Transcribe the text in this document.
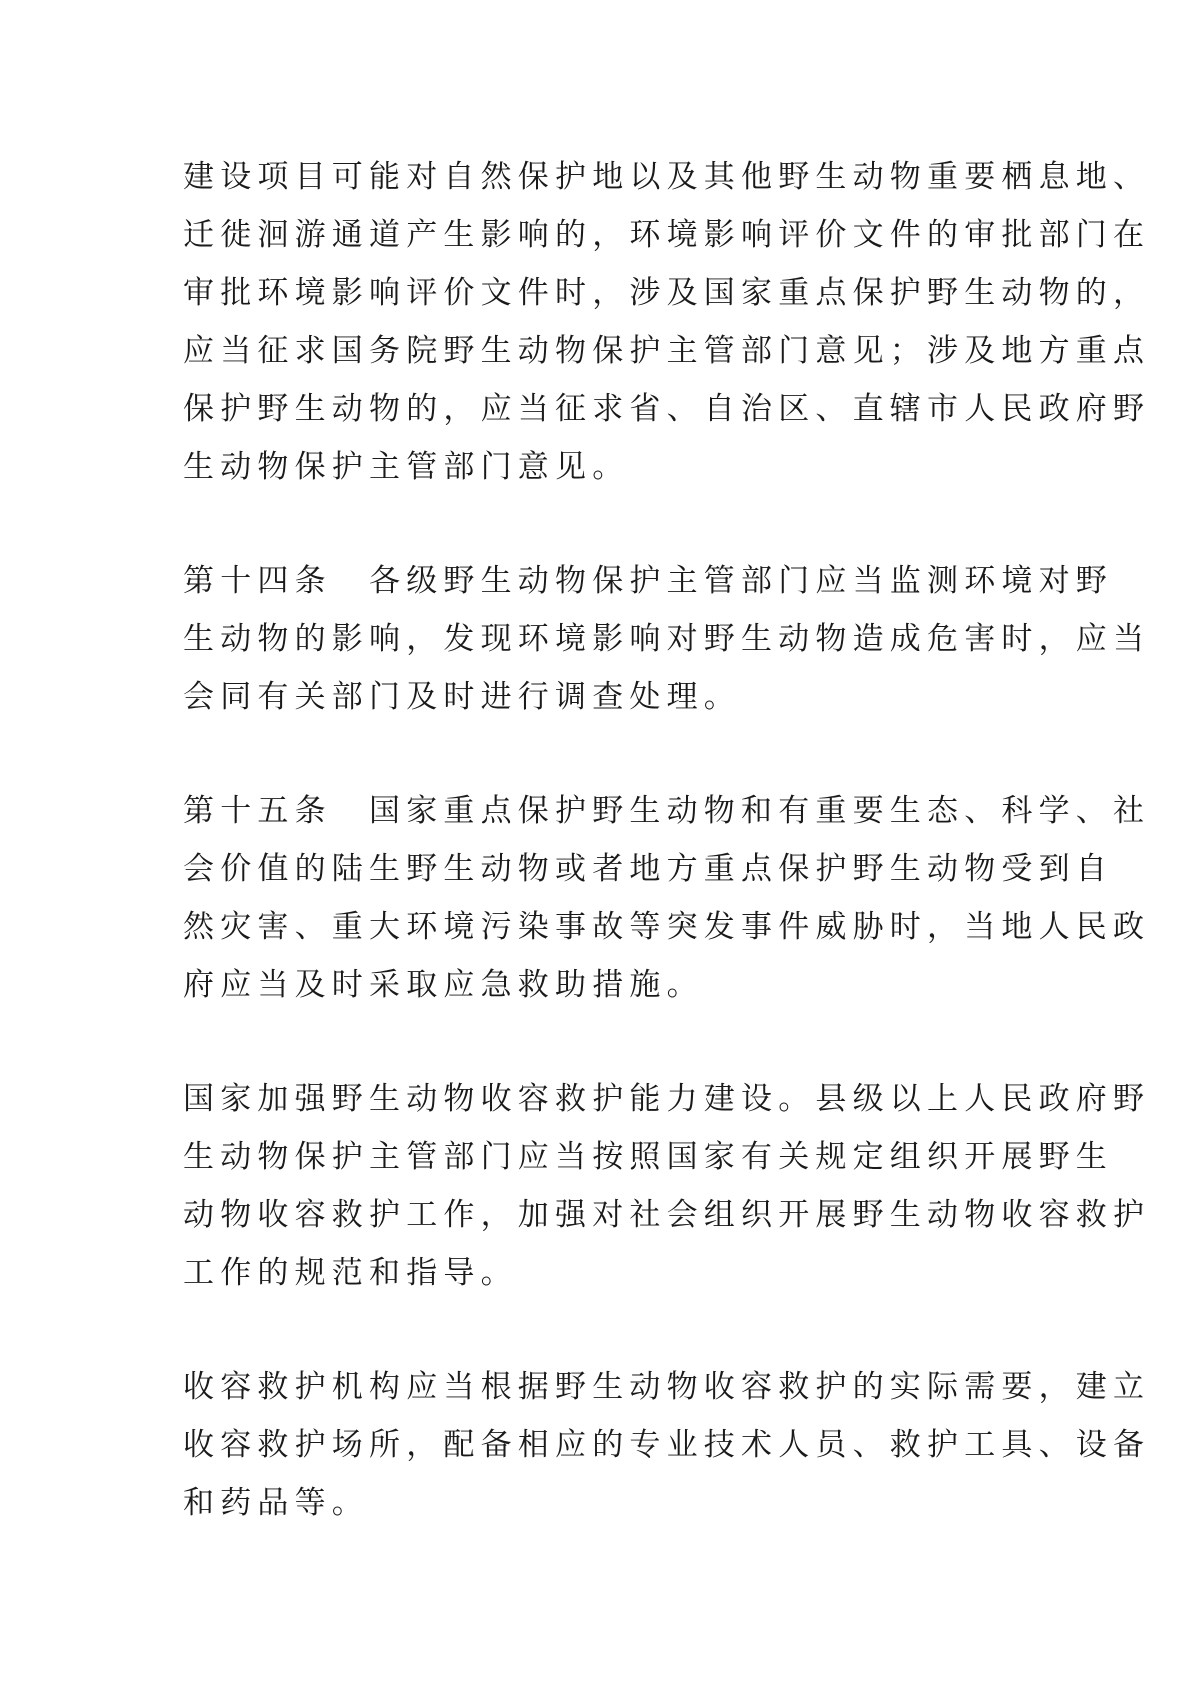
建设项目可能对自然保护地以及其他野生动物重要栖息地、
迁徙洄游通道产生影响的，环境影响评价文件的审批部门在
审批环境影响评价文件时，涉及国家重点保护野生动物的，
应当征求国务院野生动物保护主管部门意见；涉及地方重点
保护野生动物的，应当征求省、自治区、直辖市人民政府野
生动物保护主管部门意见。

第十四条　各级野生动物保护主管部门应当监测环境对野
生动物的影响，发现环境影响对野生动物造成危害时，应当
会同有关部门及时进行调查处理。

第十五条　国家重点保护野生动物和有重要生态、科学、社
会价值的陆生野生动物或者地方重点保护野生动物受到自
然灾害、重大环境污染事故等突发事件威胁时，当地人民政
府应当及时采取应急救助措施。

国家加强野生动物收容救护能力建设。县级以上人民政府野
生动物保护主管部门应当按照国家有关规定组织开展野生
动物收容救护工作，加强对社会组织开展野生动物收容救护
工作的规范和指导。

收容救护机构应当根据野生动物收容救护的实际需要，建立
收容救护场所，配备相应的专业技术人员、救护工具、设备
和药品等。
